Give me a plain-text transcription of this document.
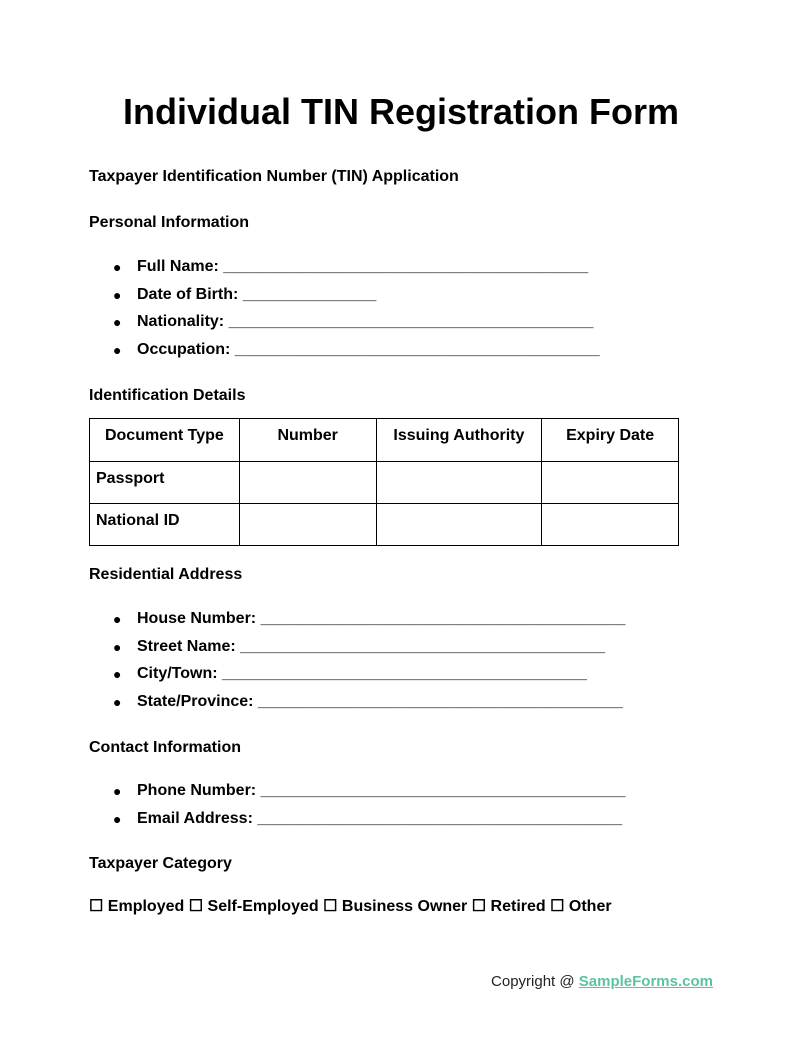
Individual TIN Registration Form

Taxpayer Identification Number (TIN) Application

Personal Information

● Full Name: _________________________________________
● Date of Birth: _______________
● Nationality: _________________________________________
● Occupation: _________________________________________

Identification Details

Document Type	Number	Issuing Authority	Expiry Date
Passport			
National ID			

Residential Address

● House Number: _________________________________________
● Street Name: _________________________________________
● City/Town: _________________________________________
● State/Province: _________________________________________

Contact Information

● Phone Number: _________________________________________
● Email Address: _________________________________________

Taxpayer Category

☐ Employed ☐ Self-Employed ☐ Business Owner ☐ Retired ☐ Other

Copyright @ SampleForms.com
